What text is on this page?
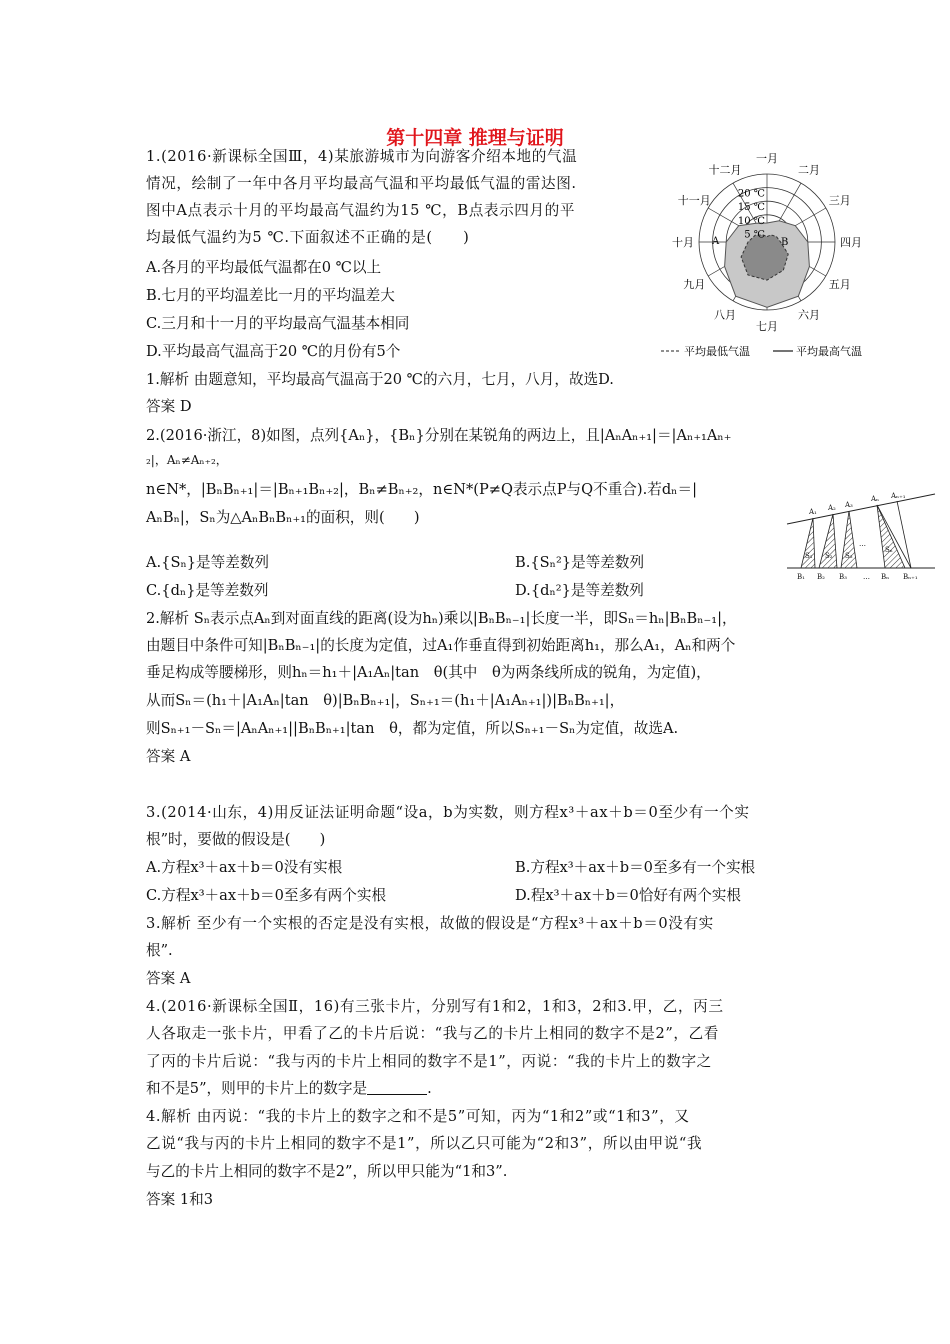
第十四章 推理与证明
1.(2016·新课标全国Ⅲ，4)某旅游城市为向游客介绍本地的气温
情况，绘制了一年中各月平均最高气温和平均最低气温的雷达图.
图中A点表示十月的平均最高气温约为15 ℃，B点表示四月的平
均最低气温约为5 ℃.下面叙述不正确的是(　　)
A.各月的平均最低气温都在0 ℃以上
B.七月的平均温差比一月的平均温差大
C.三月和十一月的平均最高气温基本相同
D.平均最高气温高于20 ℃的月份有5个
1.解析 由题意知，平均最高气温高于20 ℃的六月，七月，八月，故选D.
答案 D
一月
二月
三月
四月
五月
六月
七月
八月
九月
十月
十一月
十二月
20 ℃
15 ℃
10 ℃
5 ℃
A	B
平均最低气温	平均最高气温
2.(2016·浙江，8)如图，点列{Aₙ}，{Bₙ}分别在某锐角的两边上，且|AₙAₙ₊₁|＝|Aₙ₊₁Aₙ₊
₂|，Aₙ≠Aₙ₊₂，
n∈N*，|BₙBₙ₊₁|＝|Bₙ₊₁Bₙ₊₂|，Bₙ≠Bₙ₊₂，n∈N*(P≠Q表示点P与Q不重合).若dₙ＝|
AₙBₙ|，Sₙ为△AₙBₙBₙ₊₁的面积，则(　　)
A.{Sₙ}是等差数列	B.{Sₙ²}是等差数列
C.{dₙ}是等差数列	D.{dₙ²}是等差数列
2.解析 Sₙ表示点Aₙ到对面直线的距离(设为hₙ)乘以|BₙBₙ₋₁|长度一半，即Sₙ＝hₙ|BₙBₙ₋₁|，
由题目中条件可知|BₙBₙ₋₁|的长度为定值，过A₁作垂直得到初始距离h₁，那么A₁，Aₙ和两个
垂足构成等腰梯形，则hₙ＝h₁＋|A₁Aₙ|tan　θ(其中　θ为两条线所成的锐角，为定值)，
从而Sₙ＝(h₁＋|A₁Aₙ|tan　θ)|BₙBₙ₊₁|，Sₙ₊₁＝(h₁＋|A₁Aₙ₊₁|)|BₙBₙ₊₁|，
则Sₙ₊₁－Sₙ＝|AₙAₙ₊₁||BₙBₙ₊₁|tan　θ，都为定值，所以Sₙ₊₁－Sₙ为定值，故选A.
答案 A
A₁ A₂ A₃
Aₙ Aₙ₊₁
B₁ B₂ B₃ … Bₙ Bₙ₊₁
S₁ S₂ S₃
Sₙ
…
3.(2014·山东，4)用反证法证明命题“设a，b为实数，则方程x³＋ax＋b＝0至少有一个实
根”时，要做的假设是(　　)
A.方程x³＋ax＋b＝0没有实根	B.方程x³＋ax＋b＝0至多有一个实根
C.方程x³＋ax＋b＝0至多有两个实根	D.程x³＋ax＋b＝0恰好有两个实根
3.解析 至少有一个实根的否定是没有实根，故做的假设是“方程x³＋ax＋b＝0没有实
根”.
答案 A
4.(2016·新课标全国Ⅱ，16)有三张卡片，分别写有1和2，1和3，2和3.甲，乙，丙三
人各取走一张卡片，甲看了乙的卡片后说：“我与乙的卡片上相同的数字不是2”，乙看
了丙的卡片后说：“我与丙的卡片上相同的数字不是1”，丙说：“我的卡片上的数字之
和不是5”，则甲的卡片上的数字是	.
4.解析 由丙说：“我的卡片上的数字之和不是5”可知，丙为“1和2”或“1和3”，又
乙说“我与丙的卡片上相同的数字不是1”，所以乙只可能为“2和3”，所以由甲说“我
与乙的卡片上相同的数字不是2”，所以甲只能为“1和3”.
答案 1和3
